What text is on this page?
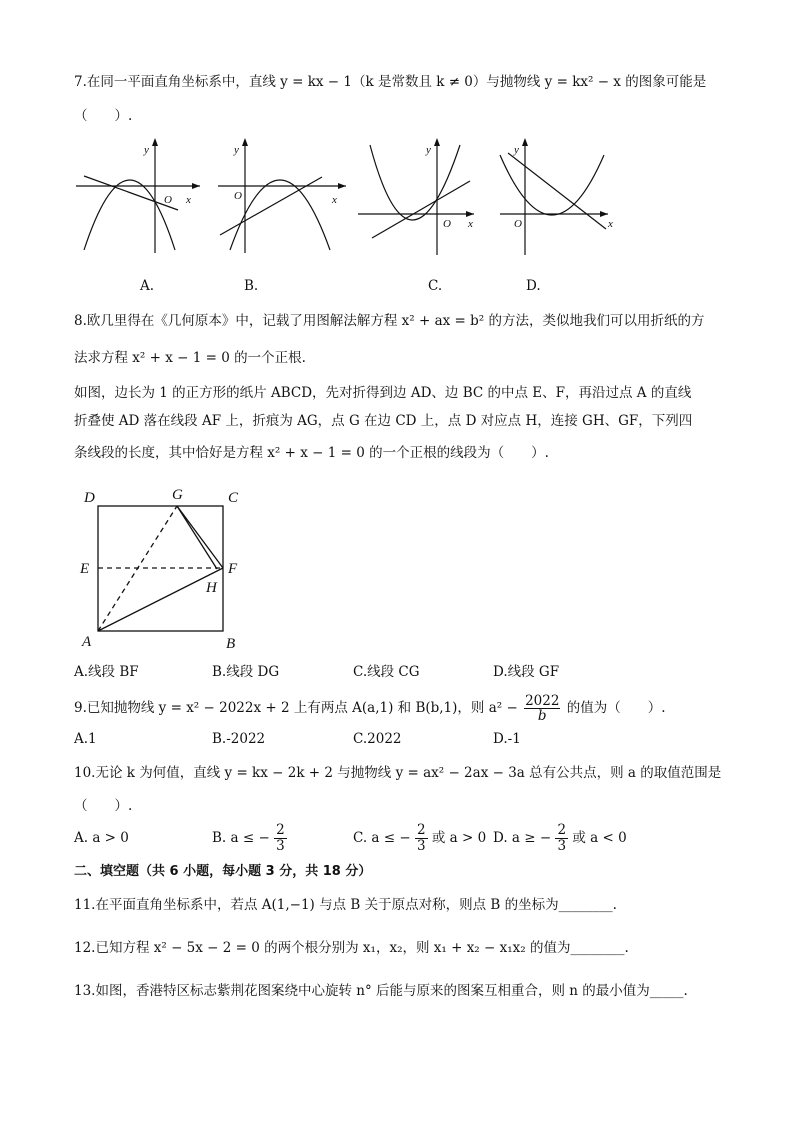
7.在同一平面直角坐标系中，直线 y = kx − 1（k 是常数且 k ≠ 0）与抛物线 y = kx² − x 的图象可能是
（　　）.
y
O x
y
O	x
y
O x
y
O	x
A.	B.	C.	D.
8.欧几里得在《几何原本》中，记载了用图解法解方程 x² + ax = b² 的方法，类似地我们可以用折纸的方
法求方程 x² + x − 1 = 0 的一个正根.
如图，边长为 1 的正方形的纸片 ABCD，先对折得到边 AD、边 BC 的中点 E、F，再沿过点 A 的直线
折叠使 AD 落在线段 AF 上，折痕为 AG，点 G 在边 CD 上，点 D 对应点 H，连接 GH、GF，下列四
条线段的长度，其中恰好是方程 x² + x − 1 = 0 的一个正根的线段为（　　）.
D	G	C
E	F
H
A	B
A.线段 BF	B.线段 DG	C.线段 CG	D.线段 GF
9.已知抛物线 y = x² − 2022x + 2 上有两点 A(a,1) 和 B(b,1)，则 $a^2 - \frac{2022}{b}$ 的值为（　　）.
A.1	B.-2022	C.2022	D.-1
10.无论 k 为何值，直线 y = kx − 2k + 2 与抛物线 y = ax² − 2ax − 3a 总有公共点，则 a 的取值范围是
（　　）.
A. a > 0	B. a ≤ − $\frac{2}{3}$	C. a ≤ − $\frac{2}{3}$ 或 a > 0 D. a ≥ − $\frac{2}{3}$ 或 a < 0
二、填空题（共 6 小题，每小题 3 分，共 18 分）
11.在平面直角坐标系中，若点 A(1,−1) 与点 B 关于原点对称，则点 B 的坐标为________.
12.已知方程 x² − 5x − 2 = 0 的两个根分别为 x₁，x₂，则 x₁ + x₂ − x₁x₂ 的值为________.
13.如图，香港特区标志紫荆花图案绕中心旋转 n° 后能与原来的图案互相重合，则 n 的最小值为_____.
